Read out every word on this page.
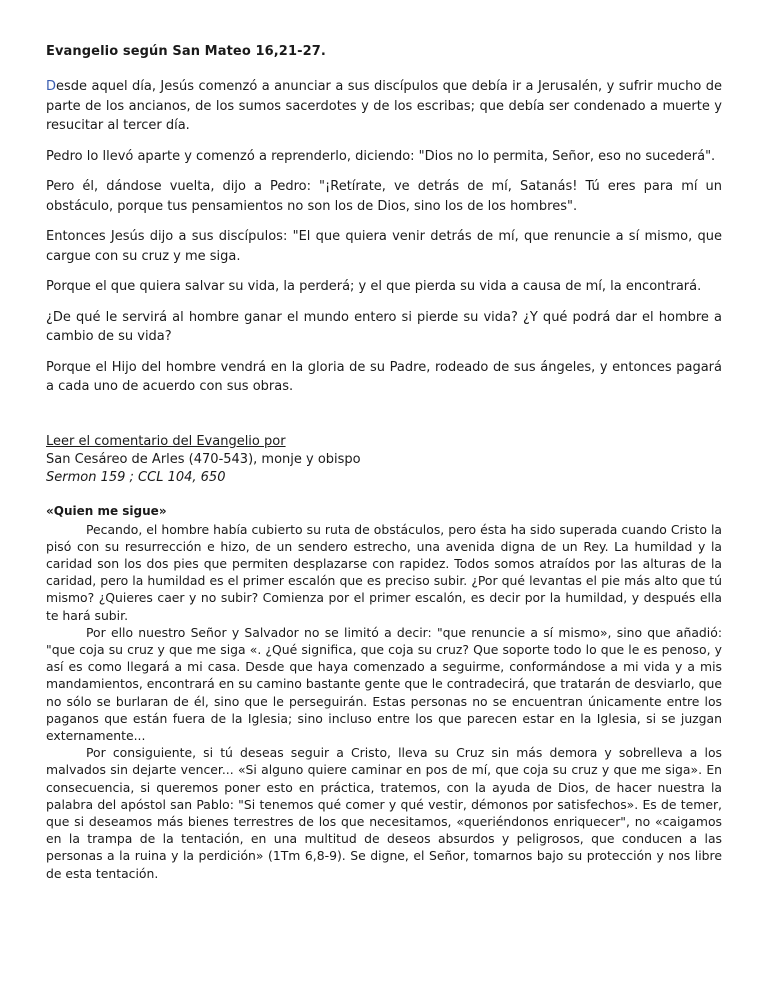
Evangelio según San Mateo 16,21-27.

Desde aquel día, Jesús comenzó a anunciar a sus discípulos que debía ir a Jerusalén, y sufrir mucho de parte de los ancianos, de los sumos sacerdotes y de los escribas; que debía ser condenado a muerte y resucitar al tercer día.

Pedro lo llevó aparte y comenzó a reprenderlo, diciendo: "Dios no lo permita, Señor, eso no sucederá".

Pero él, dándose vuelta, dijo a Pedro: "¡Retírate, ve detrás de mí, Satanás! Tú eres para mí un obstáculo, porque tus pensamientos no son los de Dios, sino los de los hombres".

Entonces Jesús dijo a sus discípulos: "El que quiera venir detrás de mí, que renuncie a sí mismo, que cargue con su cruz y me siga.

Porque el que quiera salvar su vida, la perderá; y el que pierda su vida a causa de mí, la encontrará.

¿De qué le servirá al hombre ganar el mundo entero si pierde su vida? ¿Y qué podrá dar el hombre a cambio de su vida?

Porque el Hijo del hombre vendrá en la gloria de su Padre, rodeado de sus ángeles, y entonces pagará a cada uno de acuerdo con sus obras.

Leer el comentario del Evangelio por
San Cesáreo de Arles (470-543), monje y obispo
Sermon 159 ; CCL 104, 650
«Quien me sigue»

Pecando, el hombre había cubierto su ruta de obstáculos, pero ésta ha sido superada cuando Cristo la pisó con su resurrección e hizo, de un sendero estrecho, una avenida digna de un Rey. La humildad y la caridad son los dos pies que permiten desplazarse con rapidez. Todos somos atraídos por las alturas de la caridad, pero la humildad es el primer escalón que es preciso subir. ¿Por qué levantas el pie más alto que tú mismo? ¿Quieres caer y no subir? Comienza por el primer escalón, es decir por la humildad, y después ella te hará subir.

Por ello nuestro Señor y Salvador no se limitó a decir: "que renuncie a sí mismo», sino que añadió: "que coja su cruz y que me siga «. ¿Qué significa, que coja su cruz? Que soporte todo lo que le es penoso, y así es como llegará a mi casa. Desde que haya comenzado a seguirme, conformándose a mi vida y a mis mandamientos, encontrará en su camino bastante gente que le contradecirá, que tratarán de desviarlo, que no sólo se burlaran de él, sino que le perseguirán. Estas personas no se encuentran únicamente entre los paganos que están fuera de la Iglesia; sino incluso entre los que parecen estar en la Iglesia, si se juzgan externamente...

Por consiguiente, si tú deseas seguir a Cristo, lleva su Cruz sin más demora y sobrelleva a los malvados sin dejarte vencer... «Si alguno quiere caminar en pos de mí, que coja su cruz y que me siga». En consecuencia, si queremos poner esto en práctica, tratemos, con la ayuda de Dios, de hacer nuestra la palabra del apóstol san Pablo: "Si tenemos qué comer y qué vestir, démonos por satisfechos». Es de temer, que si deseamos más bienes terrestres de los que necesitamos, «queriéndonos enriquecer", no «caigamos en la trampa de la tentación, en una multitud de deseos absurdos y peligrosos, que conducen a las personas a la ruina y la perdición» (1Tm 6,8-9). Se digne, el Señor, tomarnos bajo su protección y nos libre de esta tentación.
